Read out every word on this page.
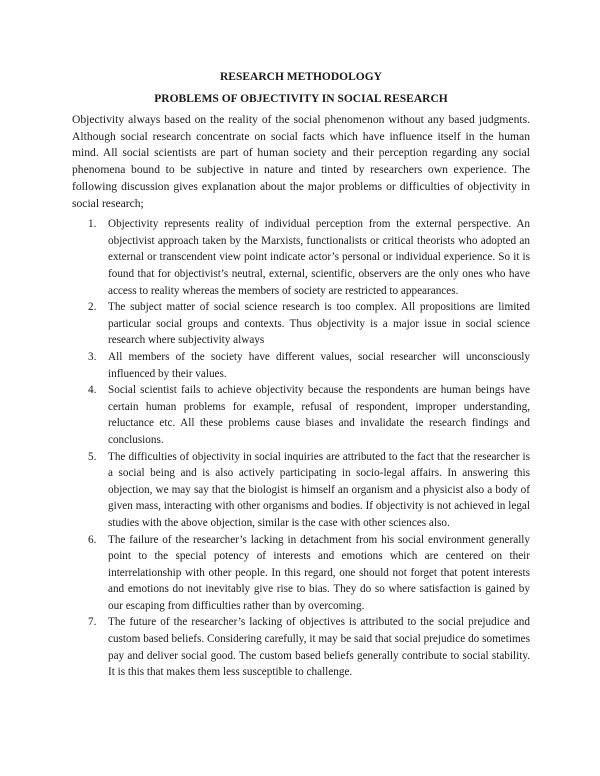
RESEARCH METHODOLOGY
PROBLEMS OF OBJECTIVITY IN SOCIAL RESEARCH

Objectivity always based on the reality of the social phenomenon without any based judgments. Although social research concentrate on social facts which have influence itself in the human mind. All social scientists are part of human society and their perception regarding any social phenomena bound to be subjective in nature and tinted by researchers own experience. The following discussion gives explanation about the major problems or difficulties of objectivity in social research;

1. Objectivity represents reality of individual perception from the external perspective. An objectivist approach taken by the Marxists, functionalists or critical theorists who adopted an external or transcendent view point indicate actor’s personal or individual experience. So it is found that for objectivist’s neutral, external, scientific, observers are the only ones who have access to reality whereas the members of society are restricted to appearances.
2. The subject matter of social science research is too complex. All propositions are limited particular social groups and contexts. Thus objectivity is a major issue in social science research where subjectivity always
3. All members of the society have different values, social researcher will unconsciously influenced by their values.
4. Social scientist fails to achieve objectivity because the respondents are human beings have certain human problems for example, refusal of respondent, improper understanding, reluctance etc. All these problems cause biases and invalidate the research findings and conclusions.
5. The difficulties of objectivity in social inquiries are attributed to the fact that the researcher is a social being and is also actively participating in socio-legal affairs. In answering this objection, we may say that the biologist is himself an organism and a physicist also a body of given mass, interacting with other organisms and bodies. If objectivity is not achieved in legal studies with the above objection, similar is the case with other sciences also.
6. The failure of the researcher’s lacking in detachment from his social environment generally point to the special potency of interests and emotions which are centered on their interrelationship with other people. In this regard, one should not forget that potent interests and emotions do not inevitably give rise to bias. They do so where satisfaction is gained by our escaping from difficulties rather than by overcoming.
7. The future of the researcher’s lacking of objectives is attributed to the social prejudice and custom based beliefs. Considering carefully, it may be said that social prejudice do sometimes pay and deliver social good. The custom based beliefs generally contribute to social stability. It is this that makes them less susceptible to challenge.
